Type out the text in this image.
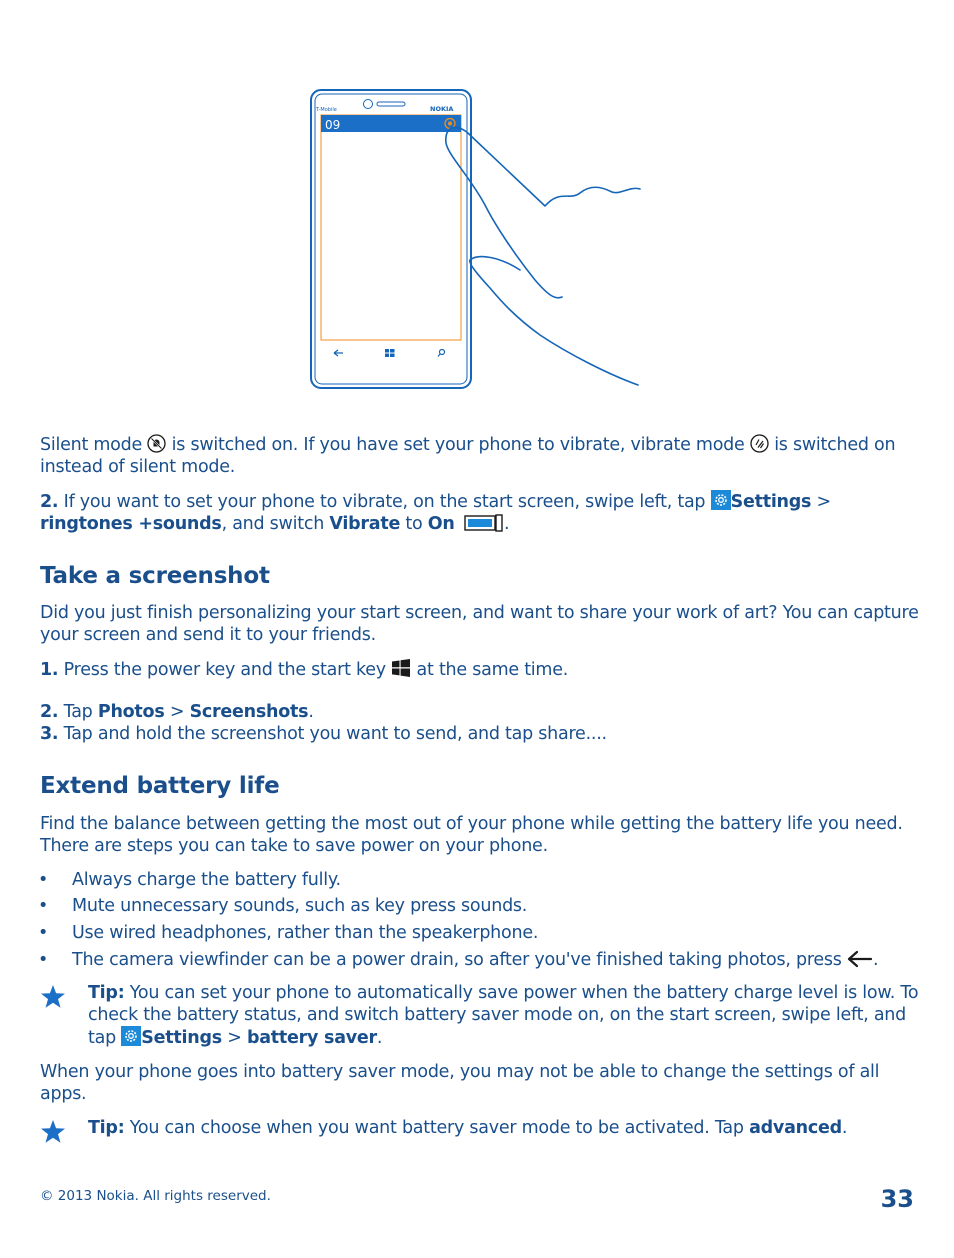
T-Mobile	NOKIA
09

Silent mode is switched on. If you have set your phone to vibrate, vibrate mode is switched on instead of silent mode.

2. If you want to set your phone to vibrate, on the start screen, swipe left, tap Settings > ringtones +sounds, and switch Vibrate to On	.

Take a screenshot

Did you just finish personalizing your start screen, and want to share your work of art? You can capture your screen and send it to your friends.

1. Press the power key and the start key at the same time.

2. Tap Photos > Screenshots.

3. Tap and hold the screenshot you want to send, and tap share....

Extend battery life

Find the balance between getting the most out of your phone while getting the battery life you need. There are steps you can take to save power on your phone.

• Always charge the battery fully.

• Mute unnecessary sounds, such as key press sounds.

• Use wired headphones, rather than the speakerphone.

• The camera viewfinder can be a power drain, so after you've finished taking photos, press .

Tip: You can set your phone to automatically save power when the battery charge level is low. To check the battery status, and switch battery saver mode on, on the start screen, swipe left, and tap Settings > battery saver.

When your phone goes into battery saver mode, you may not be able to change the settings of all apps.

Tip: You can choose when you want battery saver mode to be activated. Tap advanced.

© 2013 Nokia. All rights reserved.	33
